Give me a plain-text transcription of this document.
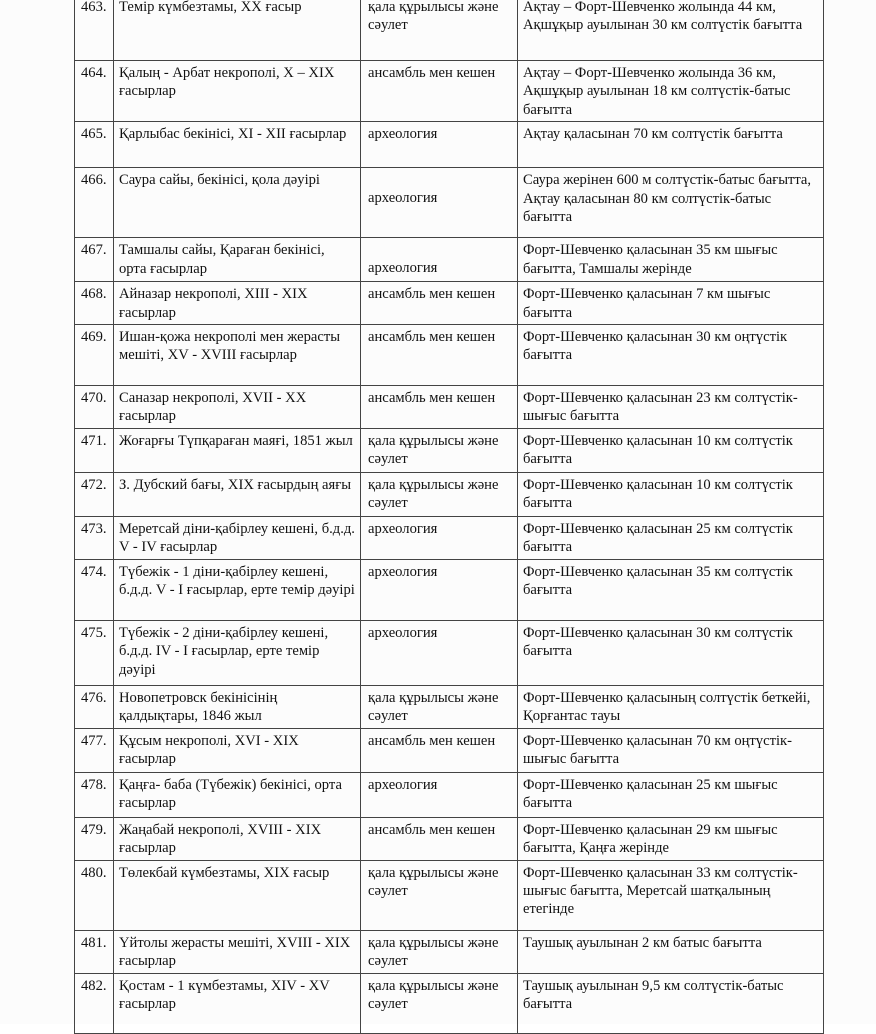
463.	Темір күмбезтамы, XX ғасыр	қала құрылысы және сәулет	Ақтау – Форт-Шевченко жолында 44 км, Ақшұқыр ауылынан 30 км солтүстік бағытта
464.	Қалың - Арбат некрополі, X – XIX ғасырлар	ансамбль мен кешен	Ақтау – Форт-Шевченко жолында 36 км, Ақшұқыр ауылынан 18 км солтүстік-батыс бағытта
465.	Қарлыбас бекінісі, XI - XII ғасырлар	археология	Ақтау қаласынан 70 км солтүстік бағытта
466.	Саура сайы, бекінісі, қола дәуірі	археология	Саура жерінен 600 м солтүстік-батыс бағытта, Ақтау қаласынан 80 км солтүстік-батыс бағытта
467.	Тамшалы сайы, Қараған бекінісі, орта ғасырлар	археология	Форт-Шевченко қаласынан 35 км шығыс бағытта, Тамшалы жерінде
468.	Айназар некрополі, XIII - XIX ғасырлар	ансамбль мен кешен	Форт-Шевченко қаласынан 7 км шығыс бағытта
469.	Ишан-қожа некрополі мен жерасты мешіті, XV - XVIII ғасырлар	ансамбль мен кешен	Форт-Шевченко қаласынан 30 км оңтүстік бағытта
470.	Саназар некрополі, XVII - XX ғасырлар	ансамбль мен кешен	Форт-Шевченко қаласынан 23 км солтүстік-шығыс бағытта
471.	Жоғарғы Түпқараған маяғі, 1851 жыл	қала құрылысы және сәулет	Форт-Шевченко қаласынан 10 км солтүстік бағытта
472.	З. Дубский бағы, XIX ғасырдың аяғы	қала құрылысы және сәулет	Форт-Шевченко қаласынан 10 км солтүстік бағытта
473.	Меретсай діни-қабірлеу кешені, б.д.д. V - IV ғасырлар	археология	Форт-Шевченко қаласынан 25 км солтүстік бағытта
474.	Түбежік - 1 діни-қабірлеу кешені, б.д.д. V - I ғасырлар, ерте темір дәуірі	археология	Форт-Шевченко қаласынан 35 км солтүстік бағытта
475.	Түбежік - 2 діни-қабірлеу кешені, б.д.д. IV - I ғасырлар, ерте темір дәуірі	археология	Форт-Шевченко қаласынан 30 км солтүстік бағытта
476.	Новопетровск бекінісінің қалдықтары, 1846 жыл	қала құрылысы және сәулет	Форт-Шевченко қаласының солтүстік беткейі, Қорғантас тауы
477.	Құсым некрополі, XVI - XIX ғасырлар	ансамбль мен кешен	Форт-Шевченко қаласынан 70 км оңтүстік-шығыс бағытта
478.	Қаңға- баба (Түбежік) бекінісі, орта ғасырлар	археология	Форт-Шевченко қаласынан 25 км шығыс бағытта
479.	Жаңабай некрополі, XVIII - XIX ғасырлар	ансамбль мен кешен	Форт-Шевченко қаласынан 29 км шығыс бағытта, Қаңға жерінде
480.	Төлекбай күмбезтамы, XIX ғасыр	қала құрылысы және сәулет	Форт-Шевченко қаласынан 33 км солтүстік-шығыс бағытта, Меретсай шатқалының етегінде
481.	Үйтолы жерасты мешіті, XVIII - XIX ғасырлар	қала құрылысы және сәулет	Таушық ауылынан 2 км батыс бағытта
482.	Қостам - 1 күмбезтамы, XIV - XV ғасырлар	қала құрылысы және сәулет	Таушық ауылынан 9,5 км солтүстік-батыс бағытта
